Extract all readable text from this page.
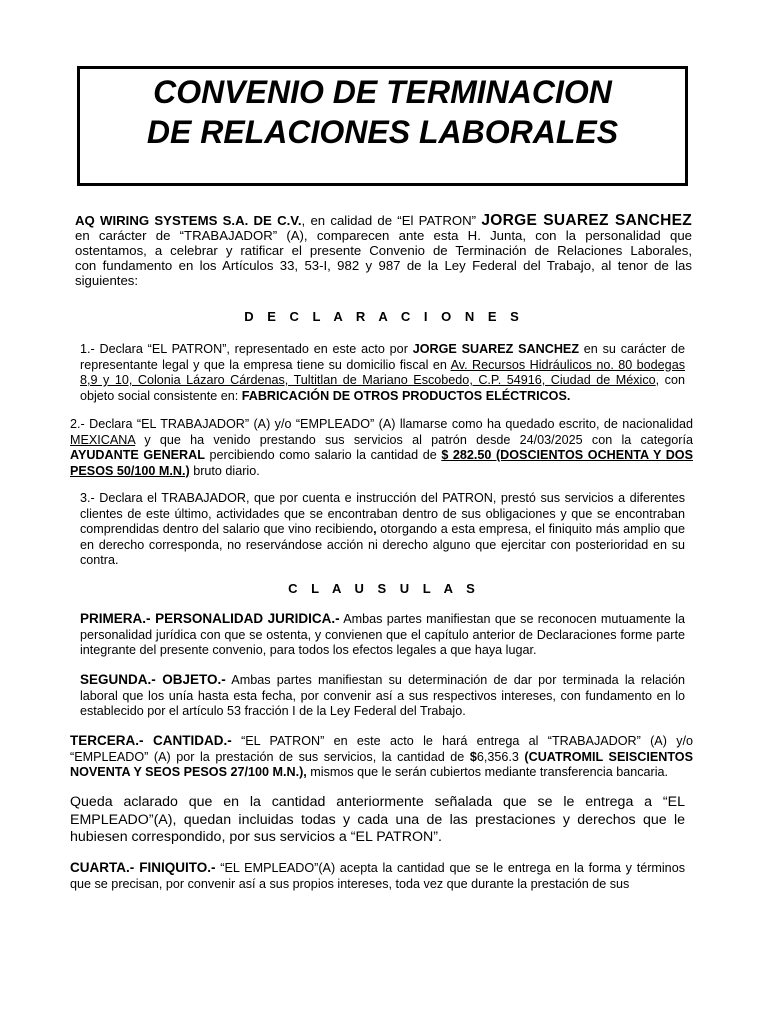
CONVENIO DE TERMINACION
DE RELACIONES LABORALES
AQ WIRING SYSTEMS S.A. DE C.V., en calidad de “El PATRON” JORGE SUAREZ SANCHEZ
en carácter de “TRABAJADOR” (A), comparecen ante esta H. Junta, con la personalidad que
ostentamos, a celebrar y ratificar el presente Convenio de Terminación de Relaciones Laborales,
con fundamento en los Artículos 33, 53-I, 982 y 987 de la Ley Federal del Trabajo, al tenor de las
siguientes:
D E C L A R A C I O N E S
1.- Declara “EL PATRON”, representado en este acto por JORGE SUAREZ SANCHEZ en su carácter de
representante legal y que la empresa tiene su domicilio fiscal en Av. Recursos Hidráulicos no. 80 bodegas
8,9 y 10, Colonia Lázaro Cárdenas, Tultitlan de Mariano Escobedo, C.P. 54916, Ciudad de México, con
objeto social consistente en: FABRICACIÓN DE OTROS PRODUCTOS ELÉCTRICOS.
2.- Declara “EL TRABAJADOR” (A) y/o “EMPLEADO” (A) llamarse como ha quedado escrito, de nacionalidad
MEXICANA y que ha venido prestando sus servicios al patrón desde 24/03/2025 con la categoría
AYUDANTE GENERAL percibiendo como salario la cantidad de $ 282.50 (DOSCIENTOS OCHENTA Y DOS
PESOS 50/100 M.N.) bruto diario.
3.- Declara el TRABAJADOR, que por cuenta e instrucción del PATRON, prestó sus servicios a diferentes
clientes de este último, actividades que se encontraban dentro de sus obligaciones y que se encontraban
comprendidas dentro del salario que vino recibiendo, otorgando a esta empresa, el finiquito más amplio que
en derecho corresponda, no reservándose acción ni derecho alguno que ejercitar con posterioridad en su
contra.
C L A U S U L A S
PRIMERA.- PERSONALIDAD JURIDICA.- Ambas partes manifiestan que se reconocen mutuamente la
personalidad jurídica con que se ostenta, y convienen que el capítulo anterior de Declaraciones forme parte
integrante del presente convenio, para todos los efectos legales a que haya lugar.
SEGUNDA.- OBJETO.- Ambas partes manifiestan su determinación de dar por terminada la relación
laboral que los unía hasta esta fecha, por convenir así a sus respectivos intereses, con fundamento en lo
establecido por el artículo 53 fracción I de la Ley Federal del Trabajo.
TERCERA.- CANTIDAD.- “EL PATRON” en este acto le hará entrega al “TRABAJADOR” (A) y/o
“EMPLEADO” (A) por la prestación de sus servicios, la cantidad de $6,356.3 (CUATROMIL SEISCIENTOS
NOVENTA Y SEOS PESOS 27/100 M.N.), mismos que le serán cubiertos mediante transferencia bancaria.
Queda aclarado que en la cantidad anteriormente señalada que se le entrega a “EL
EMPLEADO”(A), quedan incluidas todas y cada una de las prestaciones y derechos que le
hubiesen correspondido, por sus servicios a “EL PATRON”.
CUARTA.- FINIQUITO.- “EL EMPLEADO”(A) acepta la cantidad que se le entrega en la forma y términos
que se precisan, por convenir así a sus propios intereses, toda vez que durante la prestación de sus
